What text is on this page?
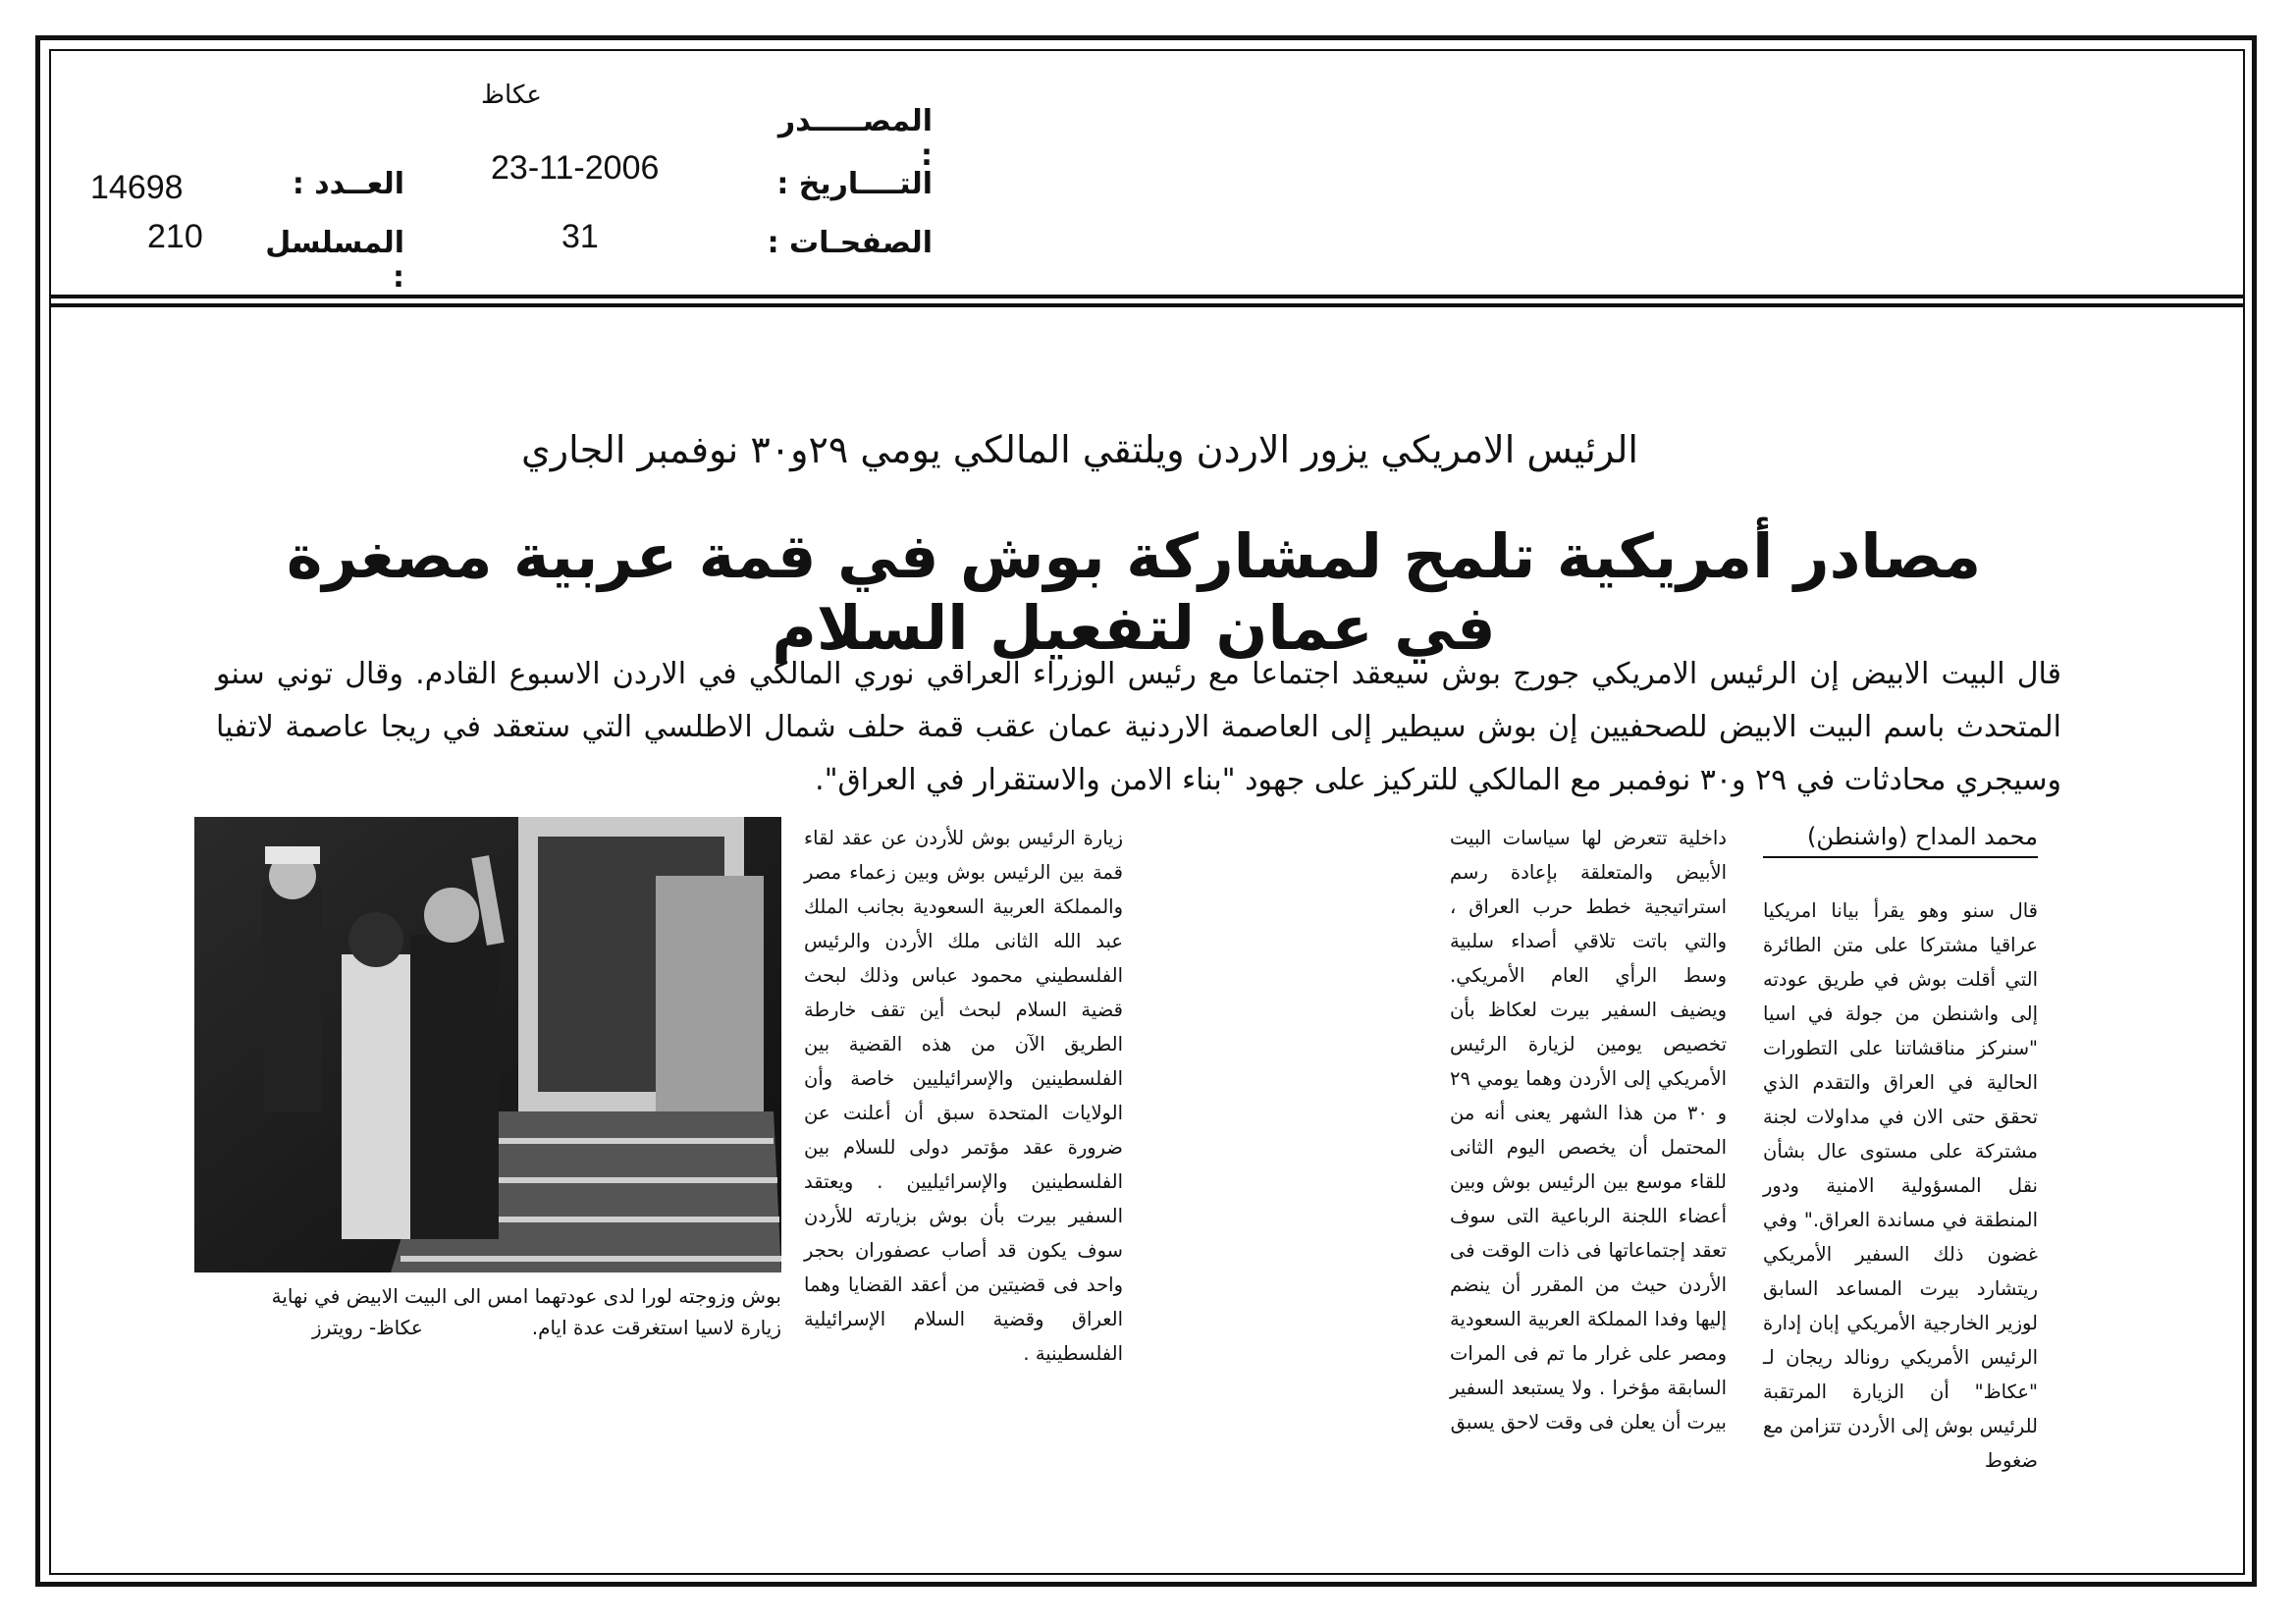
المصـــــدر :
عكاظ
التــــاريخ :
23-11-2006
الصفحـات :
31
العــدد :
14698
المسلسل :
210
الرئيس الامريكي يزور الاردن ويلتقي المالكي يومي ٢٩و٣٠ نوفمبر الجاري
مصادر أمريكية تلمح لمشاركة بوش في قمة عربية مصغرة في عمان لتفعيل السلام
قال البيت الابيض إن الرئيس الامريكي جورج بوش سيعقد اجتماعا مع رئيس الوزراء العراقي نوري المالكي في الاردن الاسبوع القادم. وقال توني سنو المتحدث باسم البيت الابيض للصحفيين إن بوش سيطير إلى العاصمة الاردنية عمان عقب قمة حلف شمال الاطلسي التي ستعقد في ريجا عاصمة لاتفيا وسيجري محادثات في ٢٩ و٣٠ نوفمبر مع المالكي للتركيز على جهود "بناء الامن والاستقرار في العراق".
محمد المداح (واشنطن)
قال سنو وهو يقرأ بيانا امريكيا عراقيا مشتركا على متن الطائرة التي أقلت بوش في طريق عودته إلى واشنطن من جولة في اسيا "سنركز مناقشاتنا على التطورات الحالية في العراق والتقدم الذي تحقق حتى الان في مداولات لجنة مشتركة على مستوى عال بشأن نقل المسؤولية الامنية ودور المنطقة في مساندة العراق." وفي غضون ذلك السفير الأمريكي ريتشارد بيرت المساعد السابق لوزير الخارجية الأمريكي إبان إدارة الرئيس الأمريكي رونالد ريجان لـ "عكاظ" أن الزيارة المرتقبة للرئيس بوش إلى الأردن تتزامن مع ضغوط
داخلية تتعرض لها سياسات البيت الأبيض والمتعلقة بإعادة رسم استراتيجية خطط حرب العراق ، والتي باتت تلاقي أصداء سلبية وسط الرأي العام الأمريكي. ويضيف السفير بيرت لعكاظ بأن تخصيص يومين لزيارة الرئيس الأمريكي إلى الأردن وهما يومي ٢٩ و ٣٠ من هذا الشهر يعنى أنه من المحتمل أن يخصص اليوم الثانى للقاء موسع بين الرئيس بوش وبين أعضاء اللجنة الرباعية التى سوف تعقد إجتماعاتها فى ذات الوقت فى الأردن حيث من المقرر أن ينضم إليها وفدا المملكة العربية السعودية ومصر على غرار ما تم فى المرات السابقة مؤخرا . ولا يستبعد السفير بيرت أن يعلن فى وقت لاحق يسبق
زيارة الرئيس بوش للأردن عن عقد لقاء قمة بين الرئيس بوش وبين زعماء مصر والمملكة العربية السعودية بجانب الملك عبد الله الثانى ملك الأردن والرئيس الفلسطيني محمود عباس وذلك لبحث قضية السلام لبحث أين تقف خارطة الطريق الآن من هذه القضية بين الفلسطينين والإسرائيليين خاصة وأن الولايات المتحدة سبق أن أعلنت عن ضرورة عقد مؤتمر دولى للسلام بين الفلسطينين والإسرائيليين . ويعتقد السفير بيرت بأن بوش بزيارته للأردن سوف يكون قد أصاب عصفوران بحجر واحد فى قضيتين من أعقد القضايا وهما العراق وقضية السلام الإسرائيلية الفلسطينية .
بوش وزوجته لورا لدى عودتهما امس الى البيت الابيض في نهاية
زيارة لاسيا استغرقت عدة ايام.
عكاظ- رويترز
